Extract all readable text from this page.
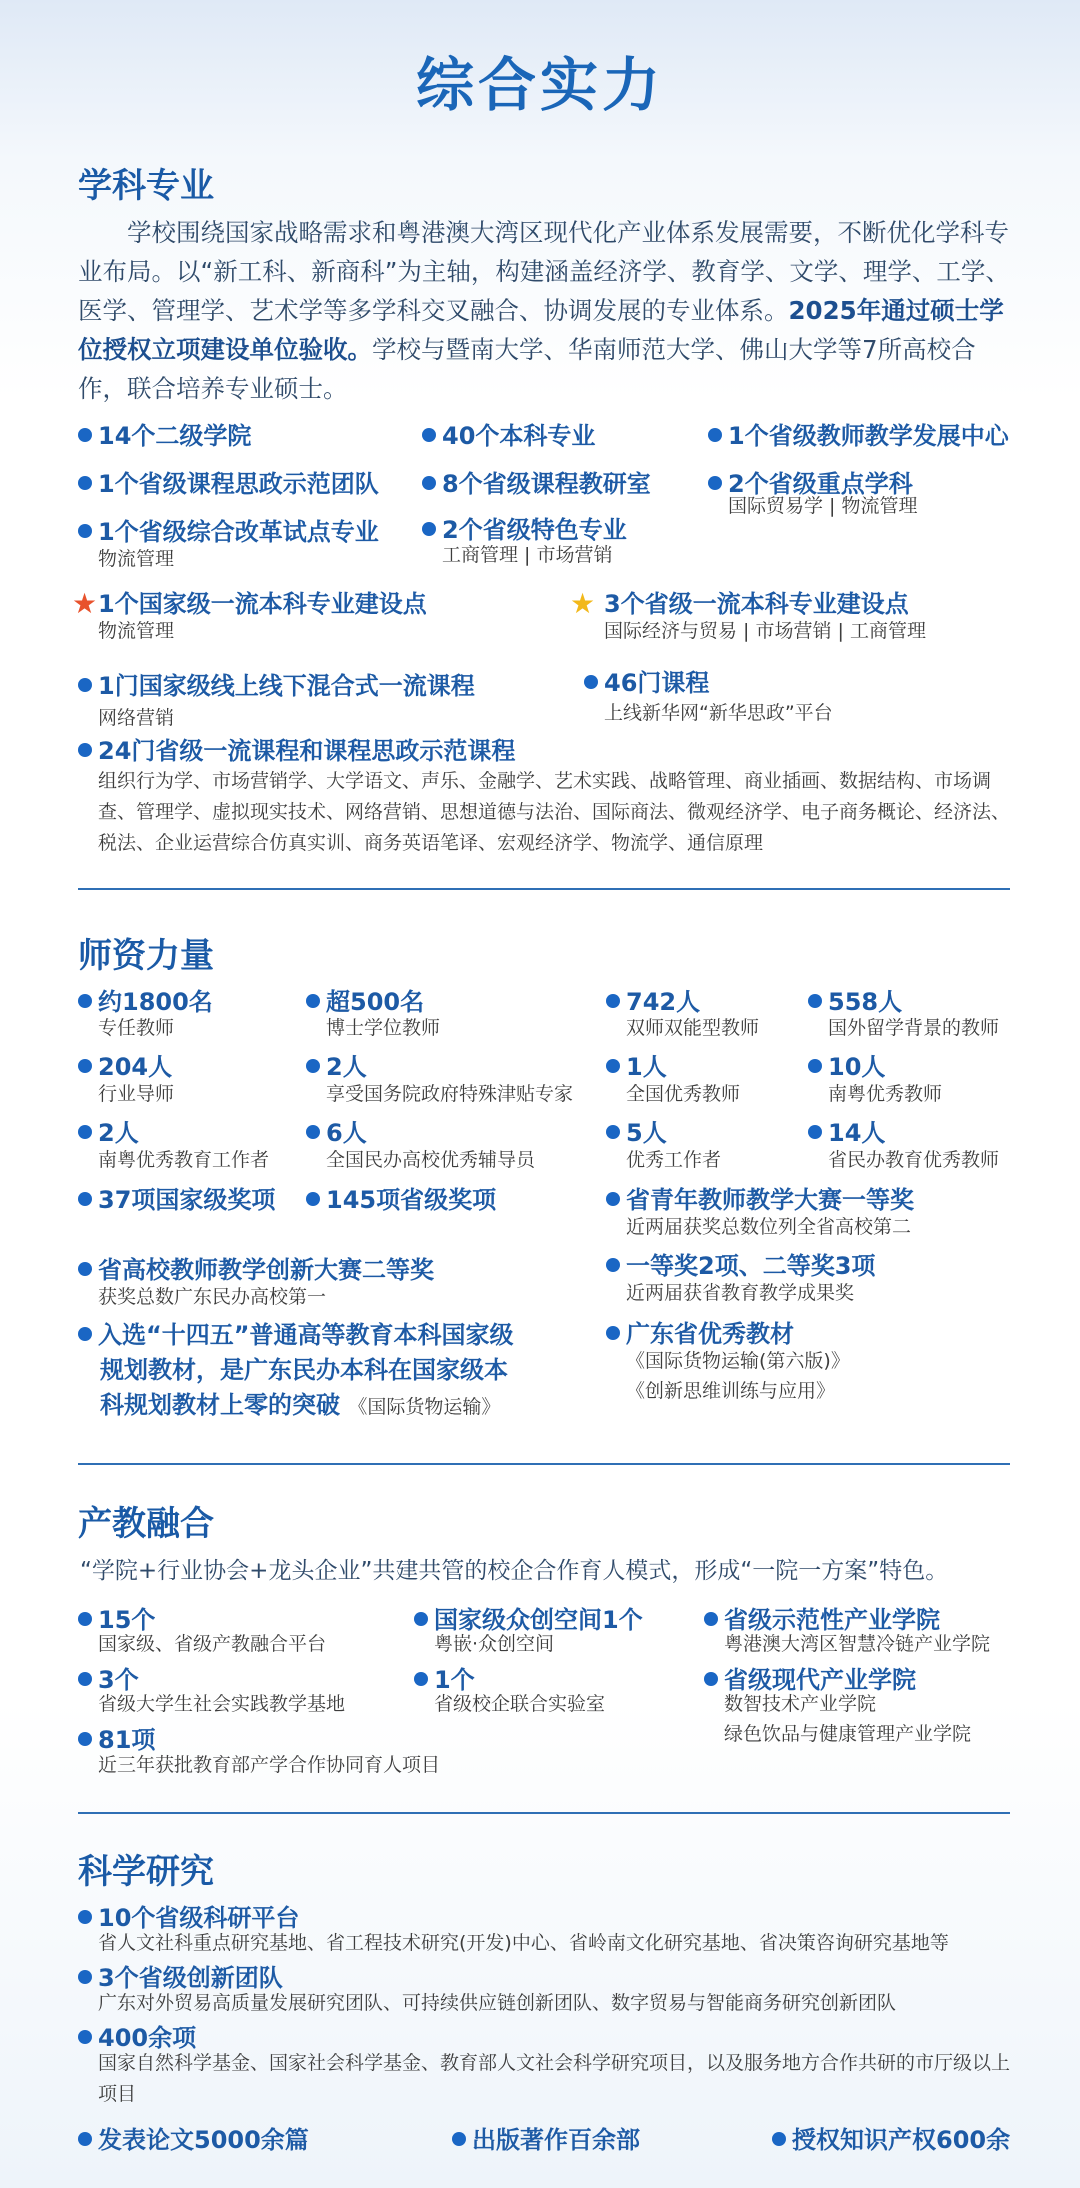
综合实力
学科专业
学校围绕国家战略需求和粤港澳大湾区现代化产业体系发展需要，不断优化学科专业布局。以“新工科、新商科”为主轴，构建涵盖经济学、教育学、文学、理学、工学、医学、管理学、艺术学等多学科交叉融合、协调发展的专业体系。2025年通过硕士学位授权立项建设单位验收。学校与暨南大学、华南师范大学、佛山大学等7所高校合作，联合培养专业硕士。
14个二级学院	40个本科专业	1个省级教师教学发展中心
1个省级课程思政示范团队	8个省级课程教研室	2个省级重点学科
国际贸易学 | 物流管理
1个省级综合改革试点专业
物流管理
2个省级特色专业
工商管理 | 市场营销
★ 1个国家级一流本科专业建设点
物流管理
★ 3个省级一流本科专业建设点
国际经济与贸易 | 市场营销 | 工商管理
1门国家级线上线下混合式一流课程
网络营销
46门课程
上线新华网“新华思政”平台
24门省级一流课程和课程思政示范课程
组织行为学、市场营销学、大学语文、声乐、金融学、艺术实践、战略管理、商业插画、数据结构、市场调查、管理学、虚拟现实技术、网络营销、思想道德与法治、国际商法、微观经济学、电子商务概论、经济法、税法、企业运营综合仿真实训、商务英语笔译、宏观经济学、物流学、通信原理
师资力量
约1800名
专任教师
超500名
博士学位教师
742人
双师双能型教师
558人
国外留学背景的教师
204人
行业导师
2人
享受国务院政府特殊津贴专家
1人
全国优秀教师
10人
南粤优秀教师
2人
南粤优秀教育工作者
6人
全国民办高校优秀辅导员
5人
优秀工作者
14人
省民办教育优秀教师
37项国家级奖项	145项省级奖项	省青年教师教学大赛一等奖
近两届获奖总数位列全省高校第二
省高校教师教学创新大赛二等奖
获奖总数广东民办高校第一
一等奖2项、二等奖3项
近两届获省教育教学成果奖
入选“十四五”普通高等教育本科国家级
规划教材，是广东民办本科在国家级本
科规划教材上零的突破 《国际货物运输》
广东省优秀教材
《国际货物运输(第六版)》
《创新思维训练与应用》
产教融合
“学院+行业协会+龙头企业”共建共管的校企合作育人模式，形成“一院一方案”特色。
15个
国家级、省级产教融合平台
国家级众创空间1个
粤嵌·众创空间
省级示范性产业学院
粤港澳大湾区智慧冷链产业学院
3个
省级大学生社会实践教学基地
1个
省级校企联合实验室
省级现代产业学院
数智技术产业学院
绿色饮品与健康管理产业学院
81项
近三年获批教育部产学合作协同育人项目
科学研究
10个省级科研平台
省人文社科重点研究基地、省工程技术研究(开发)中心、省岭南文化研究基地、省决策咨询研究基地等
3个省级创新团队
广东对外贸易高质量发展研究团队、可持续供应链创新团队、数字贸易与智能商务研究创新团队
400余项
国家自然科学基金、国家社会科学基金、教育部人文社会科学研究项目，以及服务地方合作共研的市厅级以上项目
发表论文5000余篇	出版著作百余部	授权知识产权600余
